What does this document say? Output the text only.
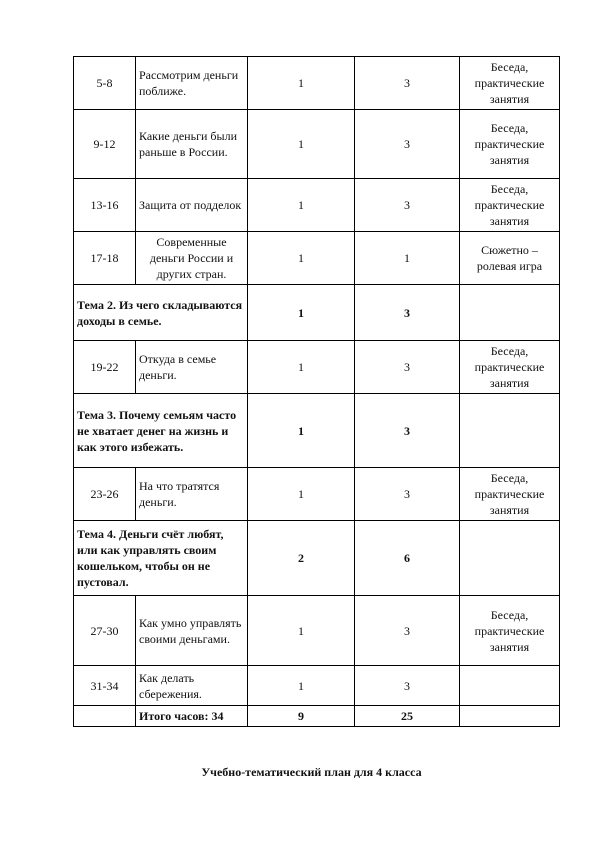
5-8	Рассмотрим деньги поближе.	1	3	Беседа, практические занятия
9-12	Какие деньги были раньше в России.	1	3	Беседа, практические занятия
13-16	Защита от подделок	1	3	Беседа, практические занятия
17-18	Современные деньги России и других стран.	1	1	Сюжетно – ролевая игра
Тема 2. Из чего складываются доходы в семье.		1	3	
19-22	Откуда в семье деньги.	1	3	Беседа, практические занятия
Тема 3. Почему семьям часто не хватает денег на жизнь и как этого избежать.		1	3	
23-26	На что тратятся деньги.	1	3	Беседа, практические занятия
Тема 4. Деньги счёт любят, или как управлять своим кошельком, чтобы он не пустовал.		2	6	
27-30	Как умно управлять своими деньгами.	1	3	Беседа, практические занятия
31-34	Как делать сбережения.	1	3	
	Итого часов: 34	9	25	
Учебно-тематический план для 4 класса
